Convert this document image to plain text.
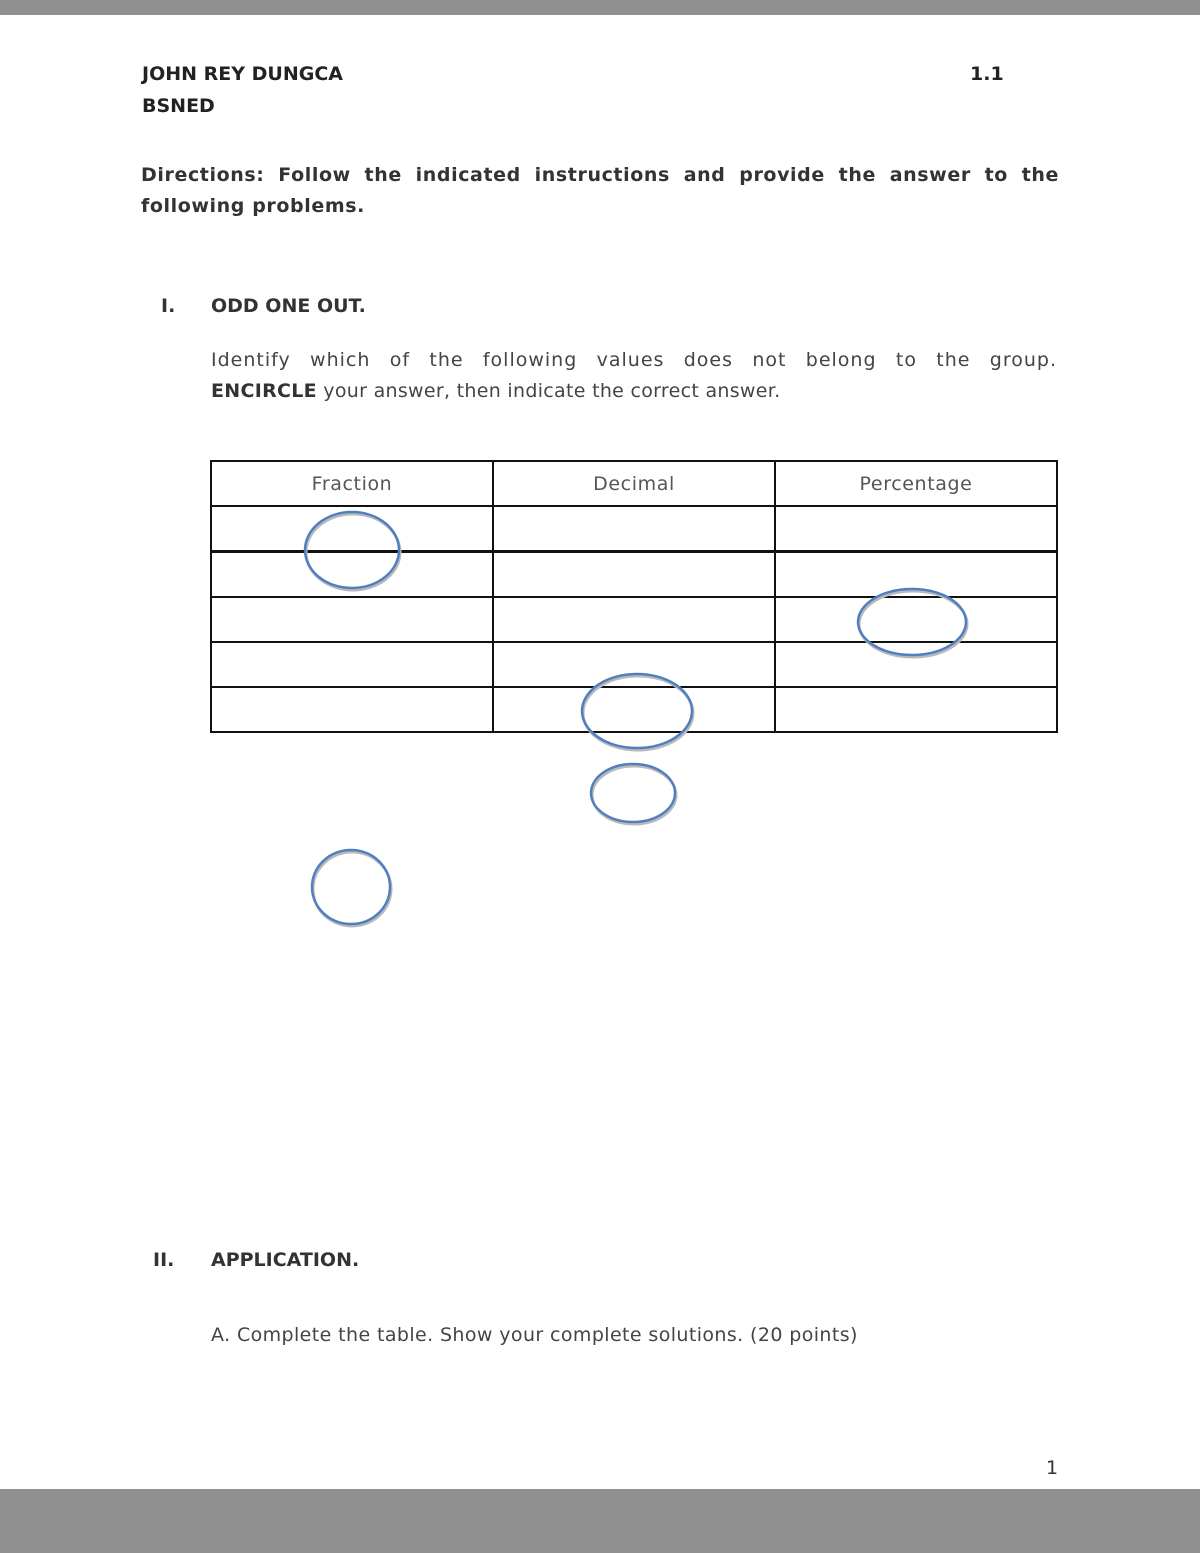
JOHN REY DUNGCA
BSNED
1.1
Directions: Follow the indicated instructions and provide the answer to the following problems.
I. ODD ONE OUT.
Identify which of the following values does not belong to the group.
ENCIRCLE your answer, then indicate the correct answer.
Fraction	Decimal	Percentage

II. APPLICATION.
A. Complete the table. Show your complete solutions. (20 points)
1
